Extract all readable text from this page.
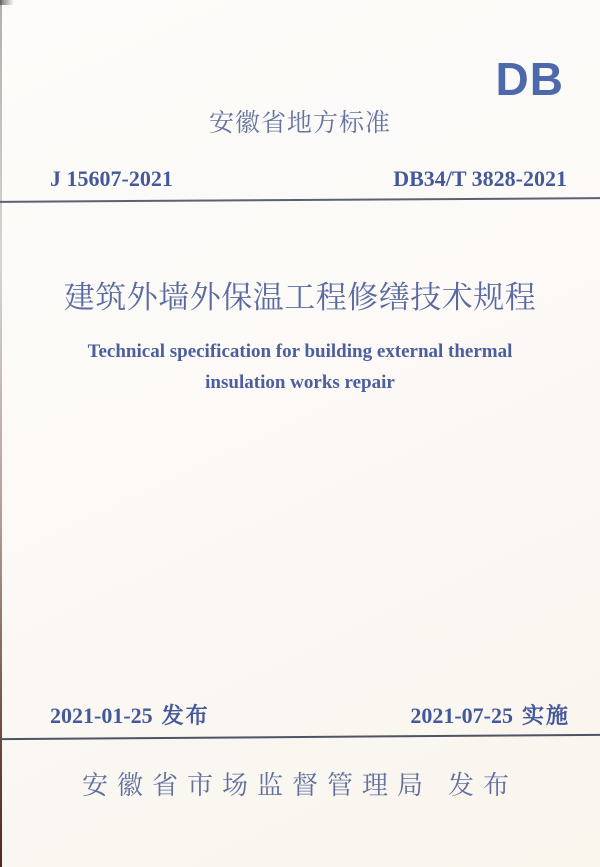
DB
安徽省地方标准
J 15607-2021	DB34/T 3828-2021
建筑外墙外保温工程修缮技术规程
Technical specification for building external thermal
insulation works repair
2021-01-25 发布	2021-07-25 实施
安徽省市场监督管理局 发布
